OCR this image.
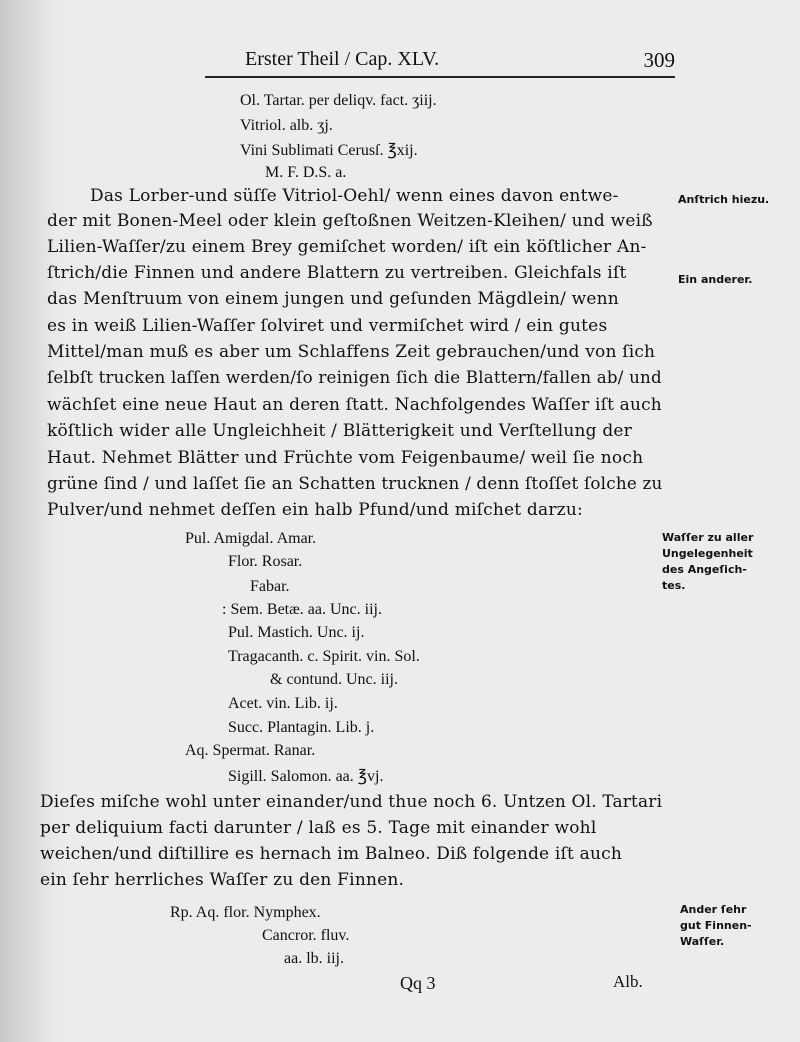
Erster Theil / Cap. XLV.	309
Ol. Tartar. per deliqv. fact. ʒiij.
Vitriol. alb. ʒj.
Vini Sublimati Cerusſ. ℥xij.
M. F. D.S. a.
Das Lorber-und süſſe Vitriol-Oehl/ wenn eines davon entwe-
der mit Bonen-Meel oder klein geſtoßnen Weitzen-Kleihen/ und weiß
Lilien-Waſſer/zu einem Brey gemiſchet worden/ iſt ein köſtlicher An-
ſtrich/die Finnen und andere Blattern zu vertreiben. Gleichfals iſt
das Menſtruum von einem jungen und geſunden Mägdlein/ wenn
es in weiß Lilien-Waſſer ſolviret und vermiſchet wird / ein gutes
Mittel/man muß es aber um Schlaffens Zeit gebrauchen/und von ſich
ſelbſt trucken laſſen werden/ſo reinigen ſich die Blattern/fallen ab/ und
wächſet eine neue Haut an deren ſtatt. Nachfolgendes Waſſer iſt auch
köſtlich wider alle Ungleichheit / Blätterigkeit und Verſtellung der
Haut. Nehmet Blätter und Früchte vom Feigenbaume/ weil ſie noch
grüne ſind / und laſſet ſie an Schatten trucknen / denn ſtoſſet ſolche zu
Pulver/und nehmet deſſen ein halb Pfund/und miſchet darzu:
Pul. Amigdal. Amar.
Flor. Rosar.
Fabar.
: Sem. Betæ. aa. Unc. iij.
Pul. Mastich. Unc. ij.
Tragacanth. c. Spirit. vin. Sol.
& contund. Unc. iij.
Acet. vin. Lib. ij.
Succ. Plantagin. Lib. j.
Aq. Spermat. Ranar.
Sigill. Salomon. aa. ℥vj.
Dieſes miſche wohl unter einander/und thue noch 6. Untzen Ol. Tartari
per deliquium facti darunter / laß es 5. Tage mit einander wohl
weichen/und diſtillire es hernach im Balneo. Diß folgende iſt auch
ein ſehr herrliches Waſſer zu den Finnen.
Rp. Aq. flor. Nymphex.
Cancror. fluv.
aa. lb. iij.
Qq 3	Alb.
Anſtrich hiezu.
Ein anderer.
Waſſer zu aller
Ungelegenheit
des Angeſich-
tes.
Ander ſehr
gut Finnen-
Waſſer.
